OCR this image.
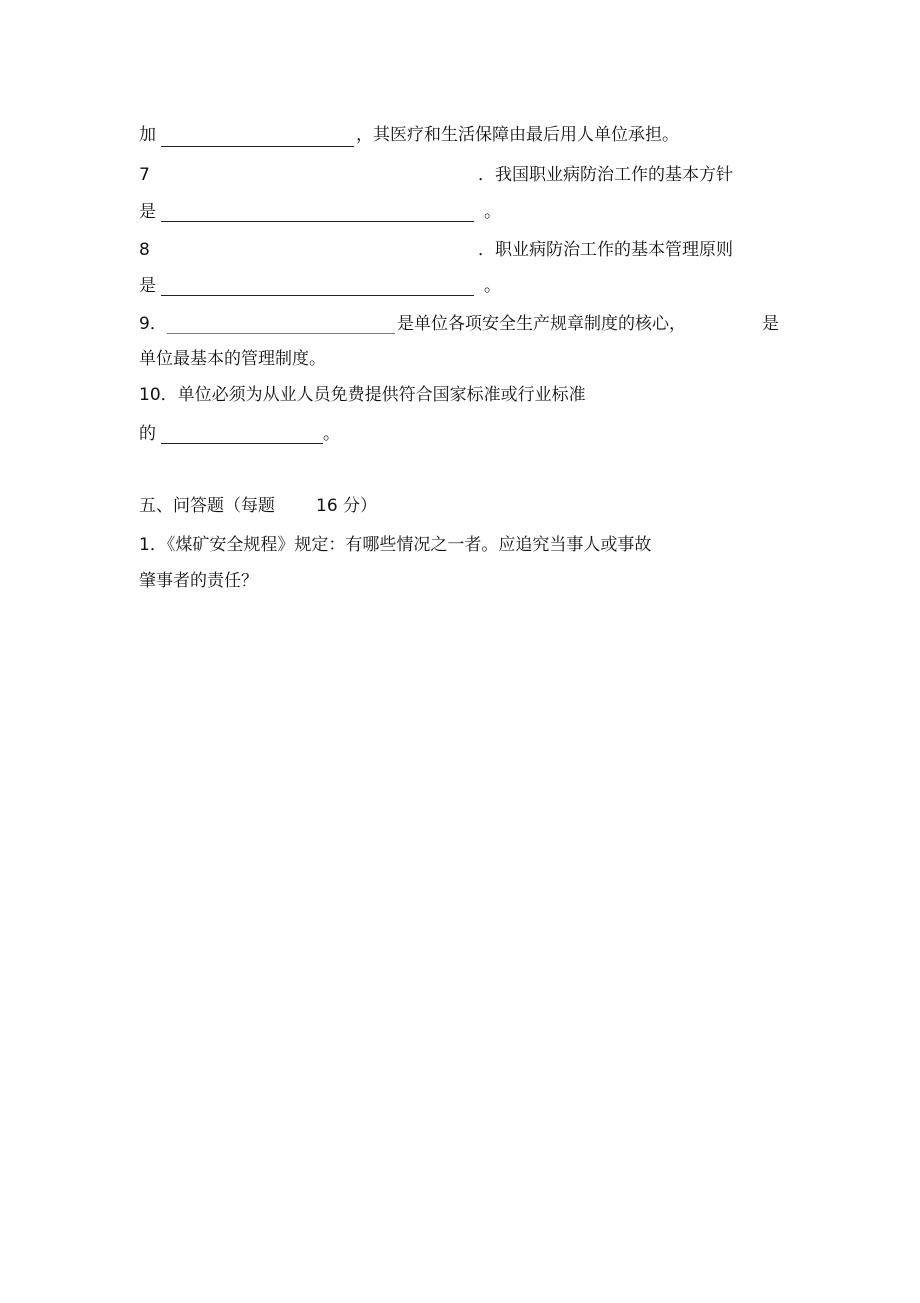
加	，其医疗和生活保障由最后用人单位承担。
7	．我国职业病防治工作的基本方针
是	。
8	．职业病防治工作的基本管理原则
是	。
9．	是单位各项安全生产规章制度的核心，	是
单位最基本的管理制度。
10．单位必须为从业人员免费提供符合国家标准或行业标准
的	。
五、问答题（每题 16 分）
1．《煤矿安全规程》规定：有哪些情况之一者。应追究当事人或事故
肇事者的责任？
